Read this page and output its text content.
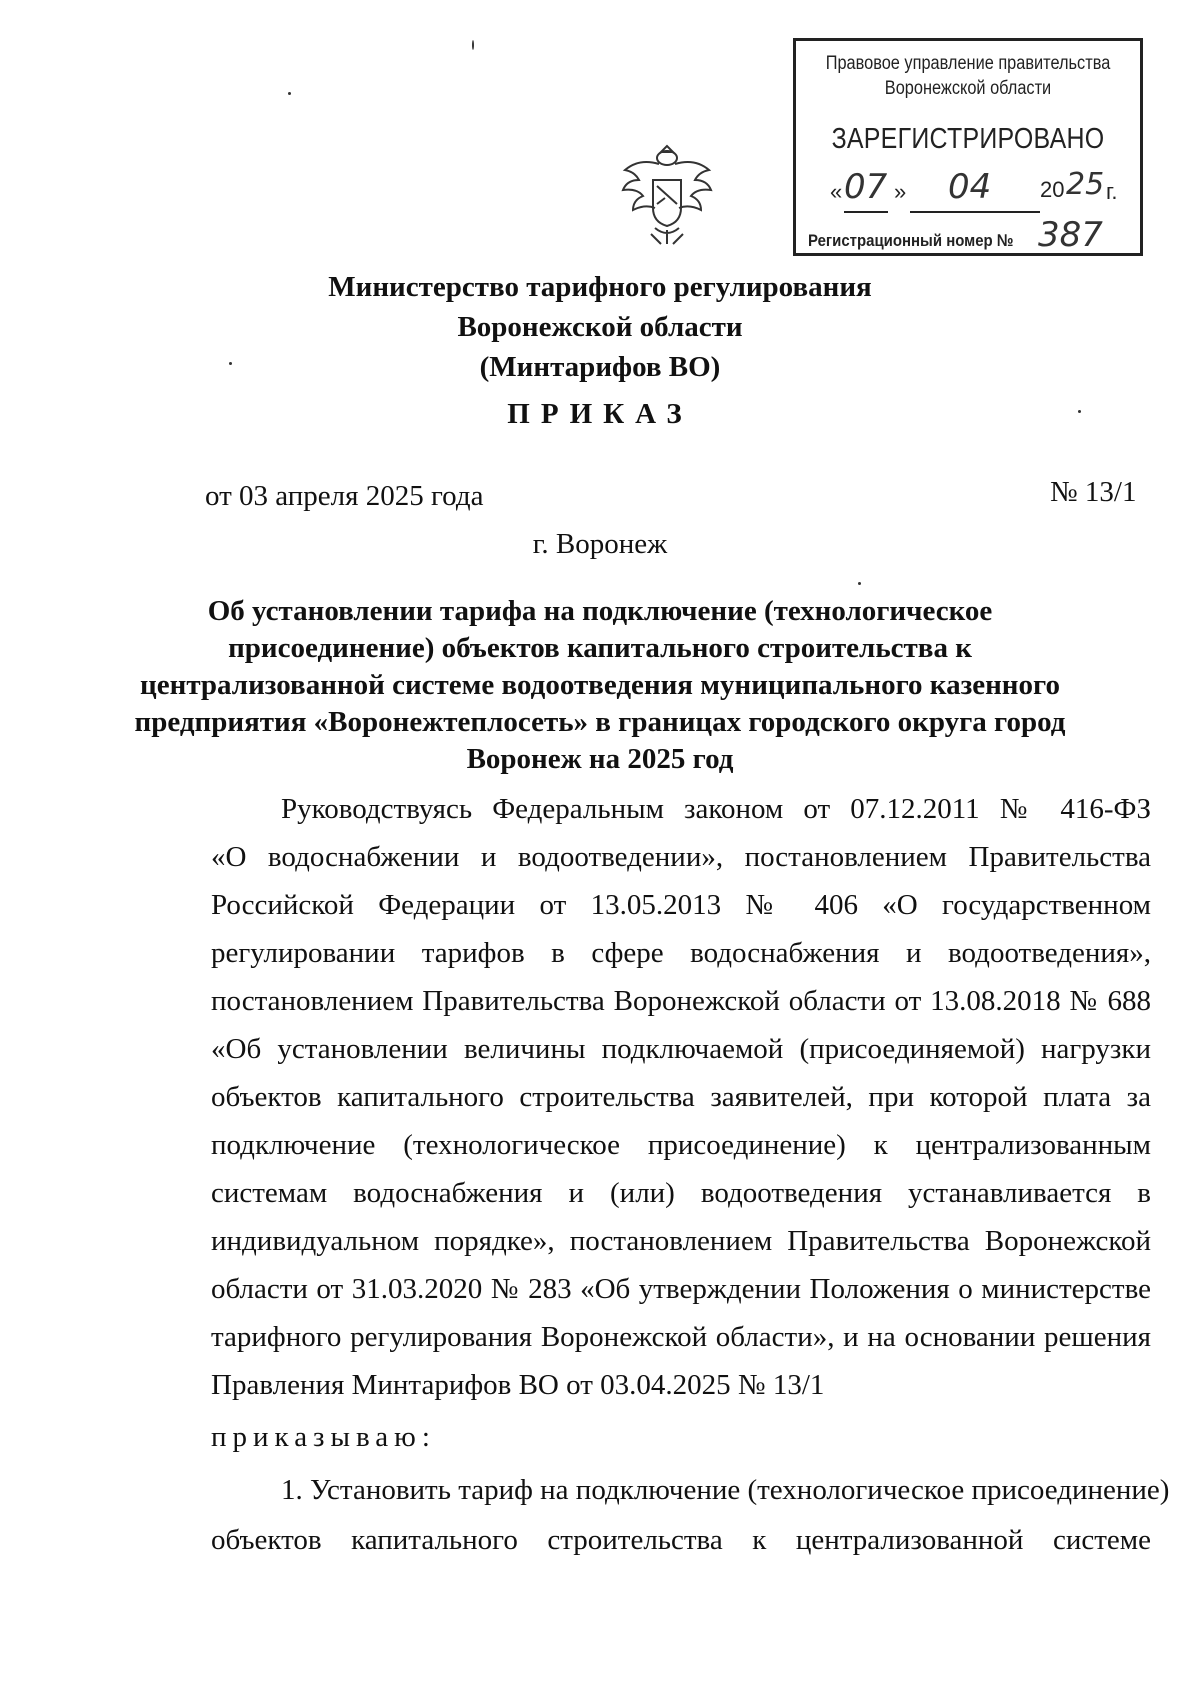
Правовое управление правительства
Воронежской области
ЗАРЕГИСТРИРОВАНО
« 07 » 04 20 25 г.
Регистрационный номер № 387
Министерство тарифного регулирования
Воронежской области
(Минтарифов ВО)
ПРИКАЗ
от 03 апреля 2025 года	№ 13/1
г. Воронеж
Об установлении тарифа на подключение (технологическое
присоединение) объектов капитального строительства к
централизованной системе водоотведения муниципального казенного
предприятия «Воронежтеплосеть» в границах городского округа город
Воронеж на 2025 год
Руководствуясь Федеральным законом от 07.12.2011 № 416-ФЗ
«О водоснабжении и водоотведении», постановлением Правительства
Российской Федерации от 13.05.2013 № 406 «О государственном
регулировании тарифов в сфере водоснабжения и водоотведения»,
постановлением Правительства Воронежской области от 13.08.2018 № 688
«Об установлении величины подключаемой (присоединяемой) нагрузки
объектов капитального строительства заявителей, при которой плата за
подключение (технологическое присоединение) к централизованным
системам водоснабжения и (или) водоотведения устанавливается в
индивидуальном порядке», постановлением Правительства Воронежской
области от 31.03.2020 № 283 «Об утверждении Положения о министерстве
тарифного регулирования Воронежской области», и на основании решения
Правления Минтарифов ВО от 03.04.2025 № 13/1
приказываю:
1. Установить тариф на подключение (технологическое присоединение)
объектов капитального строительства к централизованной системе
